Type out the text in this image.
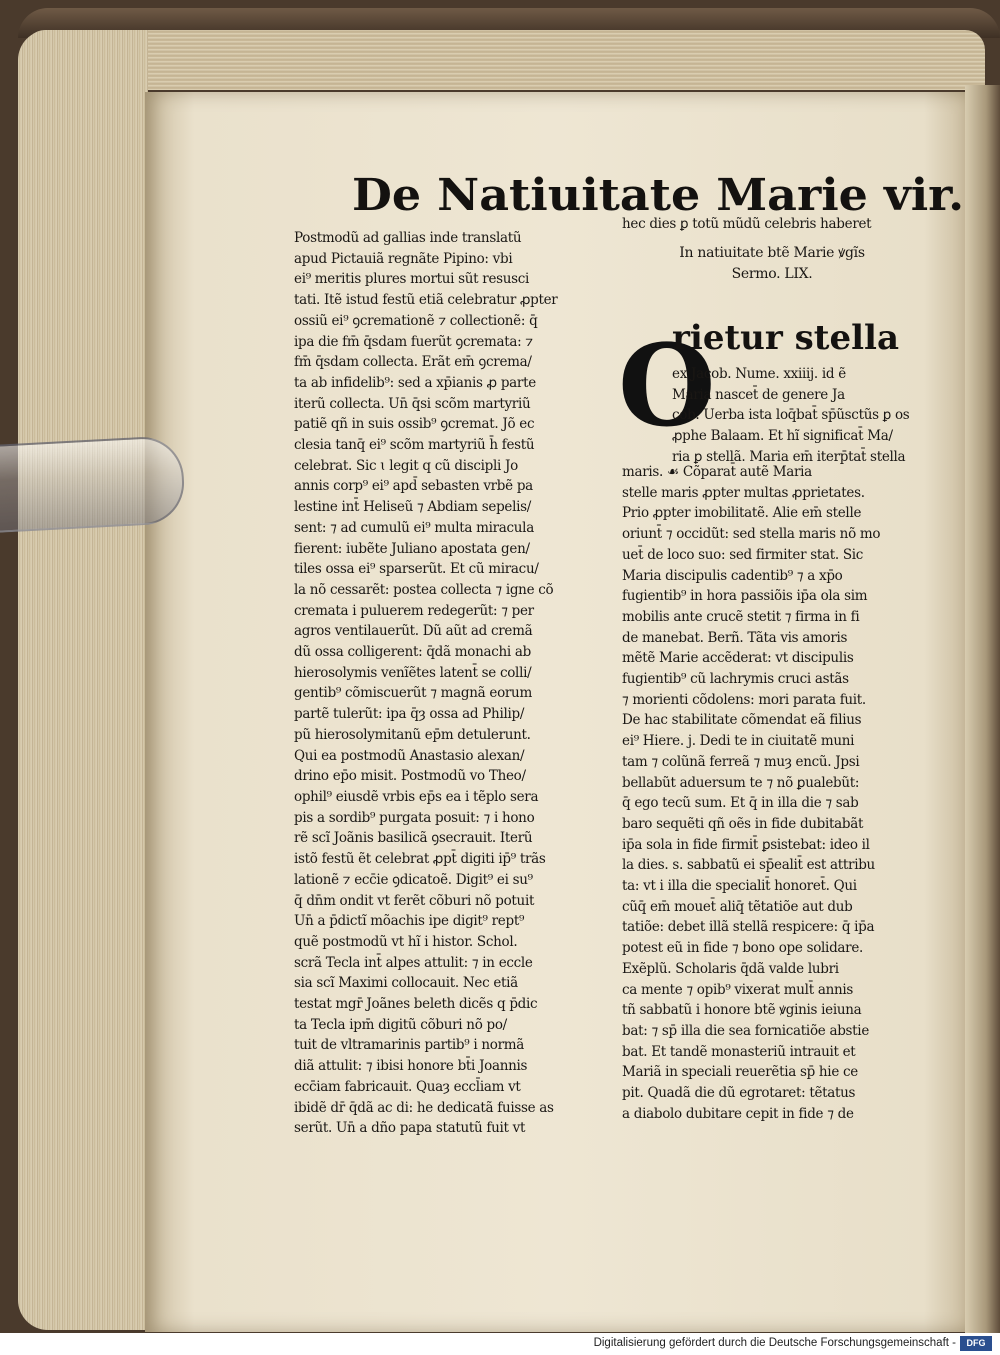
De Natiuitate Marie vir.
Postmodũ ad gallias inde translatũ
apud Pictauiã regnãte Pipino: vbi
ei⁹ meritis plures mortui sũt resusci
tati. Itẽ istud festũ etiã celebratur ꝓpter
ossiũ ei⁹ ꝯcremationẽ ⁊ collectionẽ: q̄
ipa die fm̄ q̄sdam fuerũt ꝯcremata: ⁊
fm̄ q̄sdam collecta. Erãt em̄ ꝯcrema/
ta ab infidelib⁹: sed a xp̄ianis ꝓ parte
iterũ collecta. Un̄ q̄si scõm martyriũ
patiẽ qñ in suis ossib⁹ ꝯcremat. Jõ ec
clesia tanq̄ ei⁹ scõm martyriũ h̄ festũ
celebrat. Sic ɩ legit q cũ discipli Jo
annis corp⁹ ei⁹ apd̄ sebasten vrbẽ pa
lestine int̄ Heliseũ ⁊ Abdiam sepelis/
sent: ⁊ ad cumulũ ei⁹ multa miracula
fierent: iubẽte Juliano apostata gen/
tiles ossa ei⁹ sparserũt. Et cũ miracu/
la nõ cessarẽt: postea collecta ⁊ igne cõ
cremata i puluerem redegerũt: ⁊ per
agros ventilauerũt. Dũ aũt ad cremã
dũ ossa colligerent: q̄dã monachi ab
hierosolymis venĩẽtes latent̄ se colli/
gentib⁹ cõmiscuerũt ⁊ magnã eorum
partẽ tulerũt: ipa q̄ȝ ossa ad Philip/
pũ hierosolymitanũ ep̄m detulerunt.
Qui ea postmodũ Anastasio alexan/
drino ep̄o misit. Postmodũ vo Theo/
ophil⁹ eiusdẽ vrbis ep̄s ea i tẽplo sera
pis a sordib⁹ purgata posuit: ⁊ i hono
rẽ scĩ Joãnis basilicã ꝯsecrauit. Iterũ
istõ festũ ẽt celebrat ꝓpt̄ digiti ip̄⁹ trãs
lationẽ ⁊ ecc̄ie ꝯdicatoẽ. Digit⁹ ei su⁹
q̄ dn̄m ondit vt ferẽt cõburi nõ potuit
Un̄ a p̄dictĩ mõachis ipe digit⁹ rept⁹
quẽ postmodũ vt hĩ i histor. Schol.
scrã Tecla int̄ alpes attulit: ⁊ in eccle
sia scĩ Maximi collocauit. Nec etiã
testat mgr̄ Joãnes beleth dicẽs q p̄dic
ta Tecla ipm̄ digitũ cõburi nõ po/
tuit de vltramarinis partib⁹ i normã
diã attulit: ⁊ ibisi honore bt̄i Joannis
ecc̄iam fabricauit. Quaȝ eccl̄iam vt
ibidẽ dr̄ q̄dã ac di: he dedicatã fuisse as
serũt. Un̄ a dño papa statutũ fuit vt
hec dies ꝑ totũ mũdũ celebris haberet
In natiuitate btẽ Marie ꝟgĩs
Sermo. LIX.
O
rietur stella
ex Jacob. Nume. xxiiij. id ẽ
Maria nascet̄ de genere Ja
cob. Uerba ista loq̄bat̄ sp̄ũsctũs ꝑ os
ꝓphe Balaam. Et hĩ significat̄ Ma/
ria ꝑ stellã. Maria em̄ iterp̄tat̄ stella
maris. ☙ Cõparat̄ autẽ Maria
stelle maris ꝓpter multas ꝓprietates.
Prio ꝓpter imobilitatẽ. Alie em̄ stelle
oriunt̄ ⁊ occidũt: sed stella maris nõ mo
uet̄ de loco suo: sed firmiter stat. Sic
Maria discipulis cadentib⁹ ⁊ a xp̄o
fugientib⁹ in hora passiõis ip̄a ola sim
mobilis ante crucẽ stetit ⁊ firma in fi
de manebat. Berñ. Tãta vis amoris
mẽtẽ Marie accẽderat: vt discipulis
fugientib⁹ cũ lachrymis cruci astãs
⁊ morienti cõdolens: mori parata fuit.
De hac stabilitate cõmendat eã filius
ei⁹ Hiere. j. Dedi te in ciuitatẽ muni
tam ⁊ colũnã ferreã ⁊ muȝ encũ. Jpsi
bellabũt aduersum te ⁊ nõ ꝑualebũt:
q̄ ego tecũ sum. Et q̄ in illa die ⁊ sab
baro sequẽti qñ oẽs in fide dubitabãt
ip̄a sola in fide firmit̄ ꝑsistebat: ideo il
la dies. s. sabbatũ ei sp̄ealit̄ est attribu
ta: vt i illa die specialit̄ honoret̄. Qui
cũq̄ em̄ mouet̄ aliq̄ tẽtatiõe aut dub
tatiõe: debet illã stellã respicere: q̄ ip̄a
potest eũ in fide ⁊ bono ope solidare.
Exẽplũ. Scholaris q̄dã valde lubri
ca mente ⁊ opib⁹ vixerat mult̄ annis
tñ sabbatũ i honore btẽ ꝟginis ieiuna
bat: ⁊ sp̄ illa die sea fornicatiõe abstie
bat. Et tandẽ monasteriũ intrauit et
Mariã in speciali reuerẽtia sp̄ hie ce
pit. Quadã die dũ egrotaret: tẽtatus
a diabolo dubitare cepit in fide ⁊ de
Digitalisierung gefördert durch die Deutsche Forschungsgemeinschaft -	DFG
